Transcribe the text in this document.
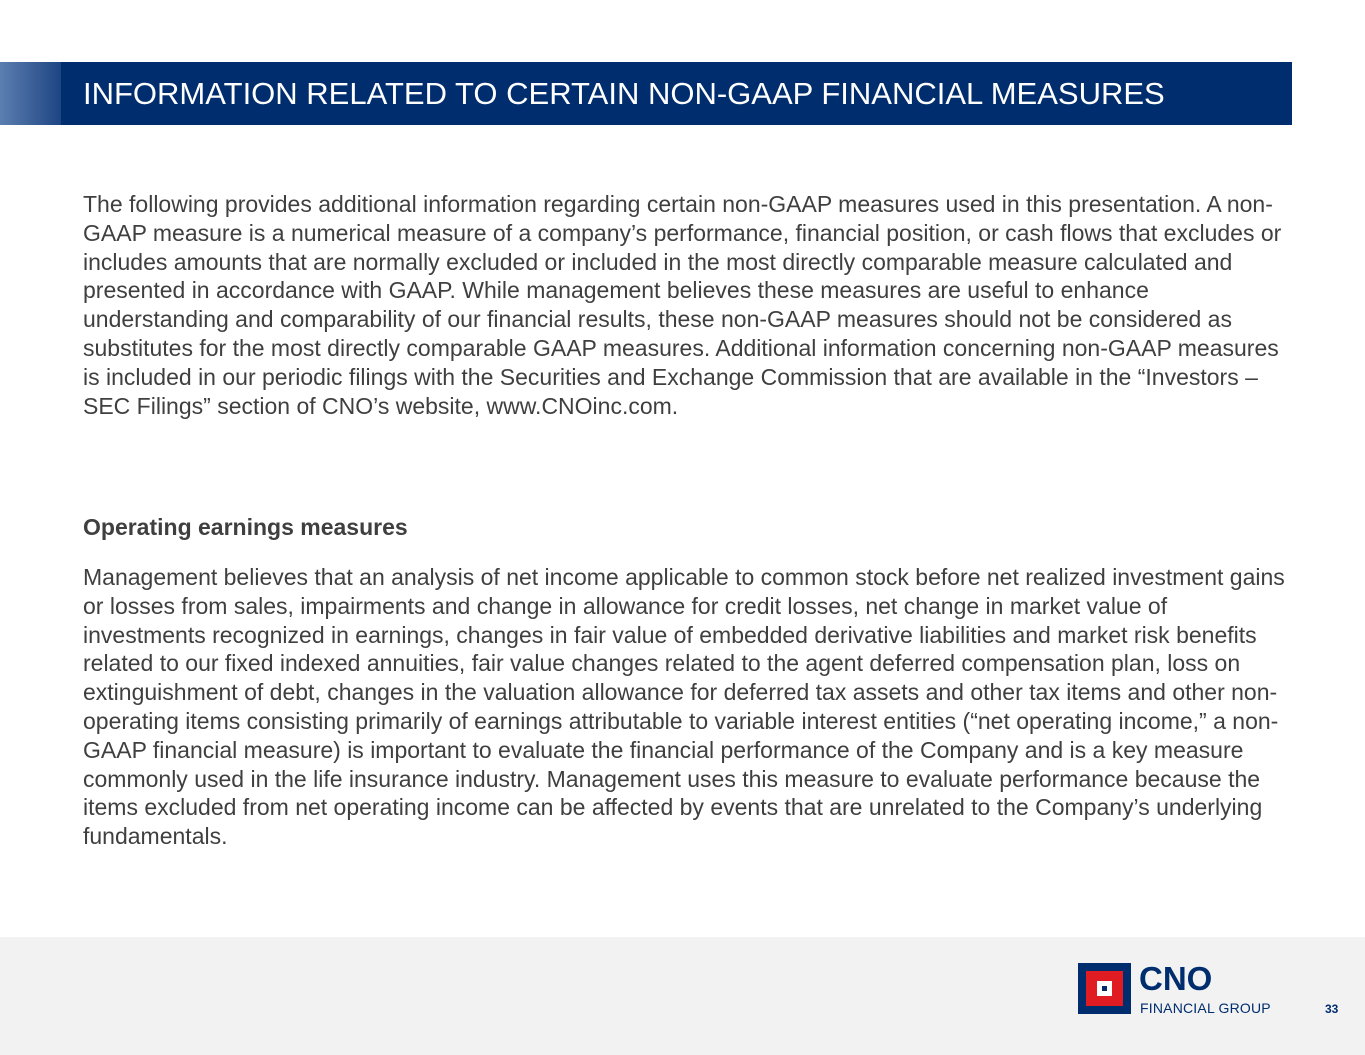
INFORMATION RELATED TO CERTAIN NON-GAAP FINANCIAL MEASURES
The following provides additional information regarding certain non-GAAP measures used in this presentation. A non-GAAP measure is a numerical measure of a company’s performance, financial position, or cash flows that excludes or includes amounts that are normally excluded or included in the most directly comparable measure calculated and presented in accordance with GAAP. While management believes these measures are useful to enhance understanding and comparability of our financial results, these non-GAAP measures should not be considered as substitutes for the most directly comparable GAAP measures. Additional information concerning non-GAAP measures is included in our periodic filings with the Securities and Exchange Commission that are available in the “Investors – SEC Filings” section of CNO’s website, www.CNOinc.com.
Operating earnings measures
Management believes that an analysis of net income applicable to common stock before net realized investment gains or losses from sales, impairments and change in allowance for credit losses, net change in market value of investments recognized in earnings, changes in fair value of embedded derivative liabilities and market risk benefits related to our fixed indexed annuities, fair value changes related to the agent deferred compensation plan, loss on extinguishment of debt, changes in the valuation allowance for deferred tax assets and other tax items and other non-operating items consisting primarily of earnings attributable to variable interest entities (“net operating income,” a non-GAAP financial measure) is important to evaluate the financial performance of the Company and is a key measure commonly used in the life insurance industry. Management uses this measure to evaluate performance because the items excluded from net operating income can be affected by events that are unrelated to the Company’s underlying fundamentals.
CNO
FINANCIAL GROUP	33
